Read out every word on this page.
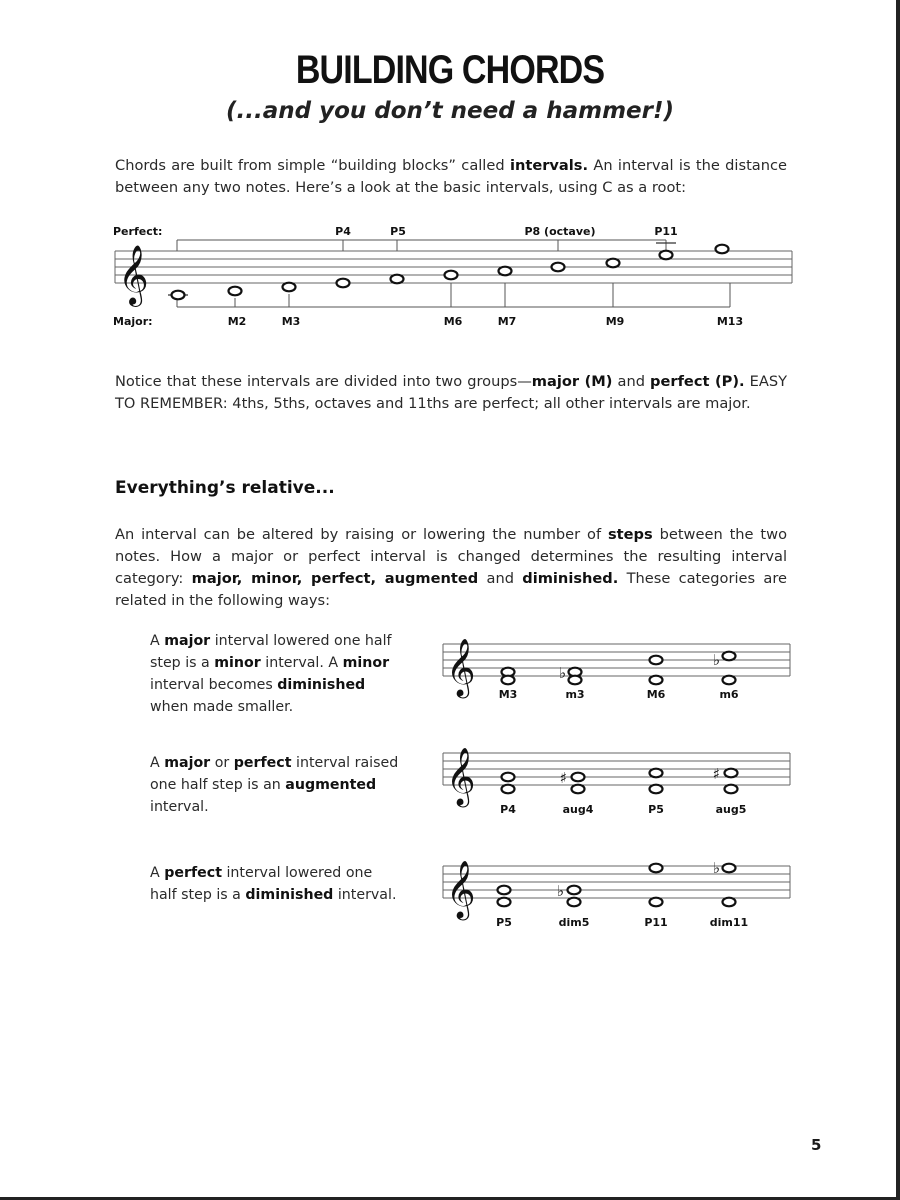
BUILDING CHORDS

(...and you don’t need a hammer!)

Chords are built from simple “building blocks” called intervals. An interval is the distance between any two notes. Here’s a look at the basic intervals, using C as a root:

𝄞
Perfect:
Major:
P4	P5	P8 (octave)	P11
M2	M3	M6	M7	M9	M13

Notice that these intervals are divided into two groups—major (M) and perfect (P). EASY TO REMEMBER: 4ths, 5ths, octaves and 11ths are perfect; all other intervals are major.

Everything’s relative...

An interval can be altered by raising or lowering the number of steps between the two notes. How a major or perfect interval is changed determines the resulting interval category: major, minor, perfect, augmented and diminished. These categories are related in the following ways:

A major interval lowered one half step is a minor interval. A minor interval becomes diminished when made smaller.

A major or perfect interval raised one half step is an augmented interval.

A perfect interval lowered one half step is a diminished interval.

𝄞	♭
♭
M3	m3	M6	m6
𝄞	♯	♯
P4	aug4	P5	aug5
𝄞	♭
♭
P5	dim5	P11	dim11

5
